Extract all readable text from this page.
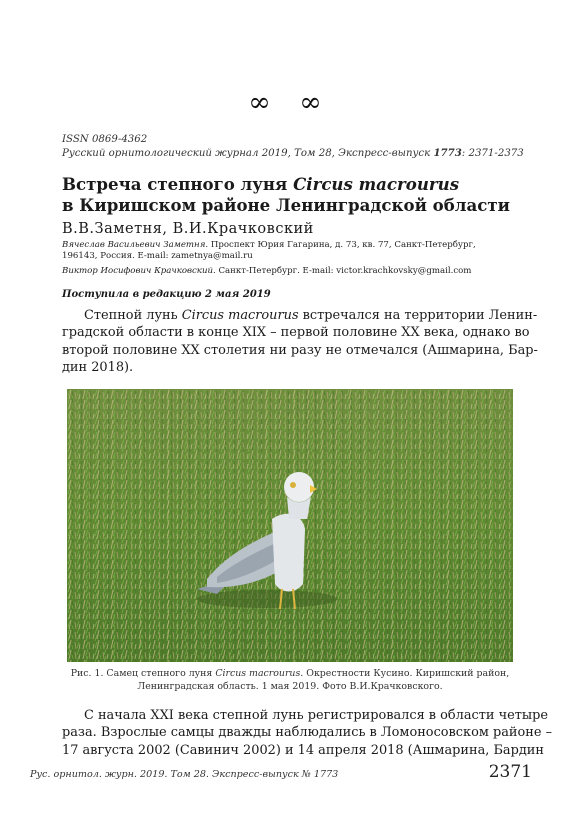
∞ ∞
ISSN 0869-4362
Русский орнитологический журнал 2019, Том 28, Экспресс-выпуск 1773: 2371-2373
Встреча степного луня Circus macrourus
в Киришском районе Ленинградской области
В.В.Заметня, В.И.Крачковский
Вячеслав Васильевич Заметня. Проспект Юрия Гагарина, д. 73, кв. 77, Санкт-Петербург,
196143, Россия. E-mail: zametnya@mail.ru
Виктор Иосифович Крачковский. Санкт-Петербург. E-mail: victor.krachkovsky@gmail.com
Поступила в редакцию 2 мая 2019
Степной лунь Circus macrourus встречался на территории Ленин-
градской области в конце XIX – первой половине XX века, однако во
второй половине XX столетия ни разу не отмечался (Ашмарина, Бар-
дин 2018).
Рис. 1. Самец степного луня Circus macrourus. Окрестности Кусино. Киришский район,
Ленинградская область. 1 мая 2019. Фото В.И.Крачковского.
С начала XXI века степной лунь регистрировался в области четыре
раза. Взрослые самцы дважды наблюдались в Ломоносовском районе –
17 августа 2002 (Савинич 2002) и 14 апреля 2018 (Ашмарина, Бардин
Рус. орнитол. журн. 2019. Том 28. Экспресс-выпуск № 1773	2371
